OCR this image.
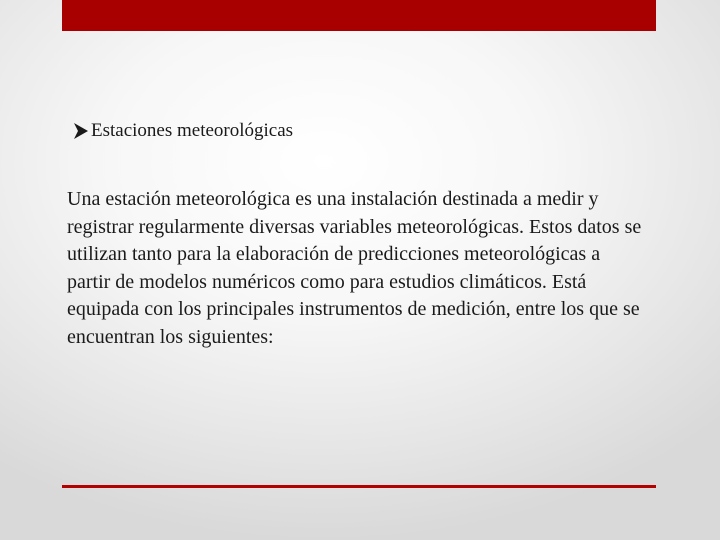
Estaciones meteorológicas

Una estación meteorológica es una instalación destinada a medir y registrar regularmente diversas variables meteorológicas. Estos datos se utilizan tanto para la elaboración de predicciones meteorológicas a partir de modelos numéricos como para estudios climáticos. Está equipada con los principales instrumentos de medición, entre los que se encuentran los siguientes:
